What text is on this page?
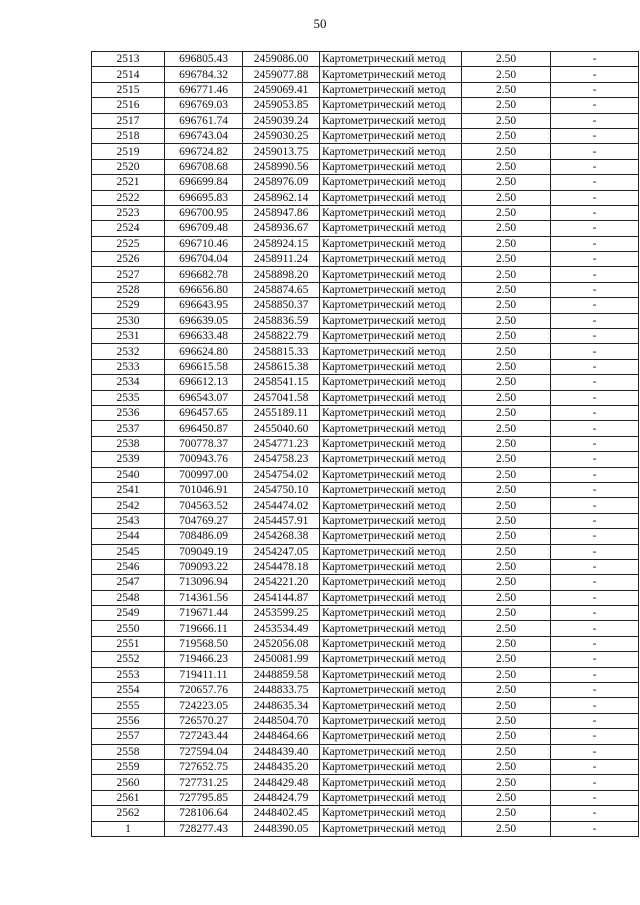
50
2513	696805.43	2459086.00	Картометрический метод	2.50	-
2514	696784.32	2459077.88	Картометрический метод	2.50	-
2515	696771.46	2459069.41	Картометрический метод	2.50	-
2516	696769.03	2459053.85	Картометрический метод	2.50	-
2517	696761.74	2459039.24	Картометрический метод	2.50	-
2518	696743.04	2459030.25	Картометрический метод	2.50	-
2519	696724.82	2459013.75	Картометрический метод	2.50	-
2520	696708.68	2458990.56	Картометрический метод	2.50	-
2521	696699.84	2458976.09	Картометрический метод	2.50	-
2522	696695.83	2458962.14	Картометрический метод	2.50	-
2523	696700.95	2458947.86	Картометрический метод	2.50	-
2524	696709.48	2458936.67	Картометрический метод	2.50	-
2525	696710.46	2458924.15	Картометрический метод	2.50	-
2526	696704.04	2458911.24	Картометрический метод	2.50	-
2527	696682.78	2458898.20	Картометрический метод	2.50	-
2528	696656.80	2458874.65	Картометрический метод	2.50	-
2529	696643.95	2458850.37	Картометрический метод	2.50	-
2530	696639.05	2458836.59	Картометрический метод	2.50	-
2531	696633.48	2458822.79	Картометрический метод	2.50	-
2532	696624.80	2458815.33	Картометрический метод	2.50	-
2533	696615.58	2458615.38	Картометрический метод	2.50	-
2534	696612.13	2458541.15	Картометрический метод	2.50	-
2535	696543.07	2457041.58	Картометрический метод	2.50	-
2536	696457.65	2455189.11	Картометрический метод	2.50	-
2537	696450.87	2455040.60	Картометрический метод	2.50	-
2538	700778.37	2454771.23	Картометрический метод	2.50	-
2539	700943.76	2454758.23	Картометрический метод	2.50	-
2540	700997.00	2454754.02	Картометрический метод	2.50	-
2541	701046.91	2454750.10	Картометрический метод	2.50	-
2542	704563.52	2454474.02	Картометрический метод	2.50	-
2543	704769.27	2454457.91	Картометрический метод	2.50	-
2544	708486.09	2454268.38	Картометрический метод	2.50	-
2545	709049.19	2454247.05	Картометрический метод	2.50	-
2546	709093.22	2454478.18	Картометрический метод	2.50	-
2547	713096.94	2454221.20	Картометрический метод	2.50	-
2548	714361.56	2454144.87	Картометрический метод	2.50	-
2549	719671.44	2453599.25	Картометрический метод	2.50	-
2550	719666.11	2453534.49	Картометрический метод	2.50	-
2551	719568.50	2452056.08	Картометрический метод	2.50	-
2552	719466.23	2450081.99	Картометрический метод	2.50	-
2553	719411.11	2448859.58	Картометрический метод	2.50	-
2554	720657.76	2448833.75	Картометрический метод	2.50	-
2555	724223.05	2448635.34	Картометрический метод	2.50	-
2556	726570.27	2448504.70	Картометрический метод	2.50	-
2557	727243.44	2448464.66	Картометрический метод	2.50	-
2558	727594.04	2448439.40	Картометрический метод	2.50	-
2559	727652.75	2448435.20	Картометрический метод	2.50	-
2560	727731.25	2448429.48	Картометрический метод	2.50	-
2561	727795.85	2448424.79	Картометрический метод	2.50	-
2562	728106.64	2448402.45	Картометрический метод	2.50	-
1	728277.43	2448390.05	Картометрический метод	2.50	-
